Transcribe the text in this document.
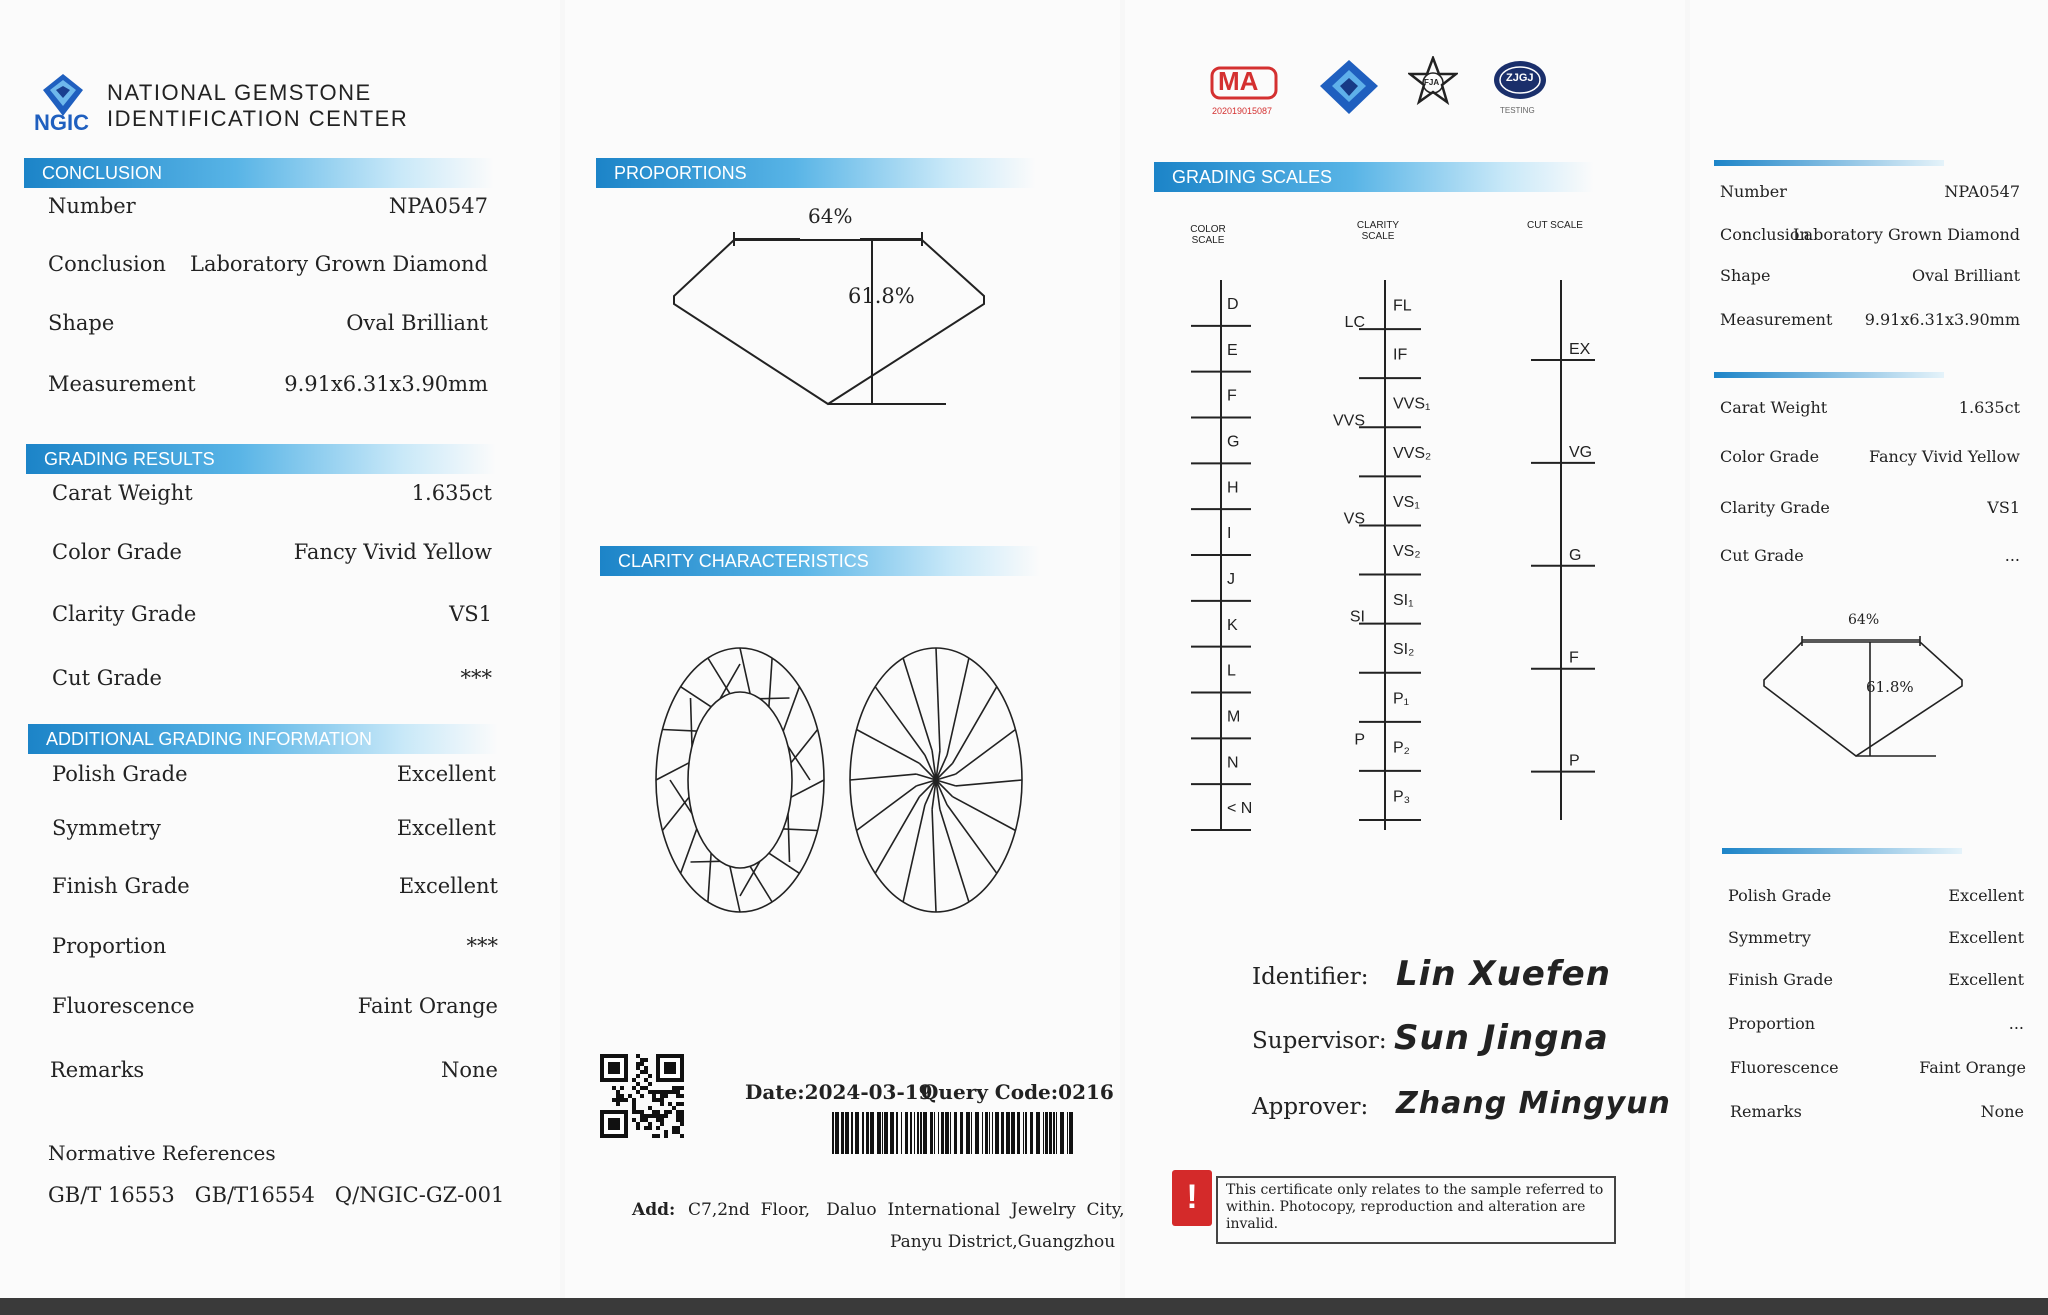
NGIC
NATIONAL GEMSTONE
IDENTIFICATION CENTER
CONCLUSION
Number	NPA0547
Conclusion Laboratory Grown Diamond
Shape	Oval Brilliant
Measurement	9.91x6.31x3.90mm
GRADING RESULTS
Carat Weight	1.635ct
Color Grade	Fancy Vivid Yellow
Clarity Grade	VS1
Cut Grade	***
ADDITIONAL GRADING INFORMATION
Polish Grade	Excellent
Symmetry	Excellent
Finish Grade	Excellent
Proportion	***
Fluorescence	Faint Orange
Remarks	None
Normative References
GB/T 16553   GB/T16554   Q/NGIC-GZ-001
PROPORTIONS
64%
61.8%
CLARITY CHARACTERISTICS
Date:2024-03-19
Query Code:0216
Add: C7,2nd  Floor,   Daluo  International  Jewelry  City,
Panyu District,Guangzhou
MA
202019015087
FJA	ZJGJ
TESTING
GRADING SCALES
COLOR SCALE
CLARITY SCALE
CUT SCALE
D
E
F
G
H
I
J
K
L
M
N
< N
FL
IF
VVS₁
VVS₂
VS₁
VS₂
SI₁
SI₂
P₁
P₂
P₃
LC
VVS
VS
SI
P
EX
VG
G
F
P
Identifier: Lin Xuefen
Supervisor: Sun Jingna
Approver: Zhang Mingyun
!	This certificate only relates to the sample referred to within. Photocopy, reproduction and alteration are invalid.
Number	NPA0547
Conclusion
Laboratory Grown Diamond
Shape	Oval Brilliant
Measurement 9.91x6.31x3.90mm
Carat Weight	1.635ct
Color Grade	Fancy Vivid Yellow
Clarity Grade	VS1
Cut Grade	...
64%
61.8%
Polish Grade	Excellent
Symmetry	Excellent
Finish Grade	Excellent
Proportion	...
Fluorescence	Faint Orange
Remarks	None
